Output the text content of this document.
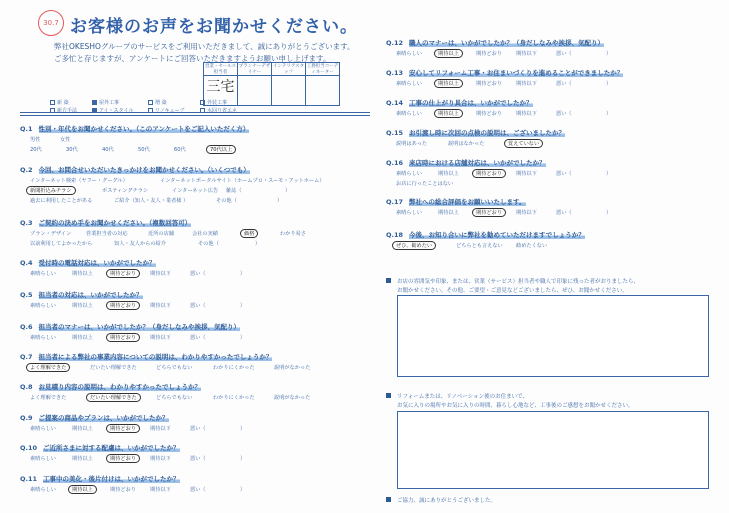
30.7 お客様のお声をお聞かせください。
弊社OKESHOグループのサービスをご利用いただきまして、誠にありがとうございます。
ご多忙と存じますが、アンケートにご回答いただきますようお願い申し上げます。
営業・セールス担当者	プランナーデザイナー	インテリアスタッフ	工務担当コーディネーター
三宅			
新 築	屋外工事	増 築	外装工事
新方手法	アイ・スタイル	リノキューブ	水回り省エネ
Q.1 性別・年代をお聞かせください。（このアンケートをご記入いただく方）
男性	女性
20代	30代	40代	50代	60代	70代以上
Q.2 今回、お問合せいただいたきっかけをお聞かせください。（いくつでも）
インターネット検索（ヤフー・グーグル）	インターネットポータルサイト（ホームプロ・スーモ・アットホーム）
新聞折込みチラシ	ポスティングチラシ	インターネット広告 雑誌（	）
過去に利用したことがある	ご紹介（知人・友人・業者様 ）	その他（	）
Q.3 ご契約の決め手をお聞かせください。（複数回答可）
プラン・デザイン	営業担当者の対応	近所の店舗	会社の実績	価格	わかり易さ
以前利用してよかったから	知人・友人からの紹介	その他（	）
Q.4 受付時の電話対応は、いかがでしたか？
素晴らしい	期待以上	期待どおり	期待以下	悪い（	）
Q.5 担当者の対応は、いかがでしたか？
素晴らしい	期待以上	期待どおり	期待以下	悪い（	）
Q.6 担当者のマナーは、いかがでしたか？（身だしなみや挨拶、気配り）
素晴らしい	期待以上	期待どおり	期待以下	悪い（	）
Q.7 担当者による弊社の事業内容についての説明は、わかりやすかったでしょうか？
よく理解できた	だいたい理解できた	どちらでもない	わかりにくかった	説明がなかった
Q.8 お見積り内容の説明は、わかりやすかったでしょうか？
よく理解できた	だいたい理解できた	どちらでもない	わかりにくかった	説明がなかった
Q.9 ご提案の商品やプランは、いかがでしたか？
素晴らしい	期待以上	期待どおり	期待以下	悪い（	）
Q.10 ご近所さまに対する配慮は、いかがでしたか？
素晴らしい	期待以上	期待どおり	期待以下	悪い（	）
Q.11 工事中の美化・後片付けは、いかがでしたか？
素晴らしい	期待以上	期待どおり	期待以下	悪い（	）
Q.12 職人のマナーは、いかがでしたか？（身だしなみや挨拶、気配り）
素晴らしい	期待以上	期待どおり	期待以下	悪い（	）
Q.13 安心してリフォーム工事・お住まいづくりを進めることができましたか？
素晴らしい	期待以上	期待どおり	期待以下	悪い（	）
Q.14 工事の仕上がり具合は、いかがでしたか？
素晴らしい	期待以上	期待どおり	期待以下	悪い（	）
Q.15 お引渡し時に次回の点検の説明は、ございましたか？
説明はあった	説明はなかった	覚えていない
Q.16 来店時における店舗対応は、いかがでしたか？
素晴らしい	期待以上	期待どおり	期待以下	悪い（	）
お店に行ったことはない
Q.17 弊社への総合評価をお願いいたします。
素晴らしい	期待以上	期待どおり	期待以下	悪い（	）
Q.18 今後、お知り合いに弊社を勧めていただけますでしょうか？
ぜひ、勧めたい	どちらとも言えない	勧めたくない
お店の雰囲気や印象、または、営業（サービス）担当者や職人で印象に残った者がおりましたら、
お聞かせください。その他、ご要望・ご意見などございましたら、ぜひ、お聞かせください。
リフォームまたは、リノベーション後のお住まいで、
お気に入りの場所やお気に入りの時間、暮らし心地など、工事後のご感想をお聞かせください。
ご協力、誠にありがとうございました。
